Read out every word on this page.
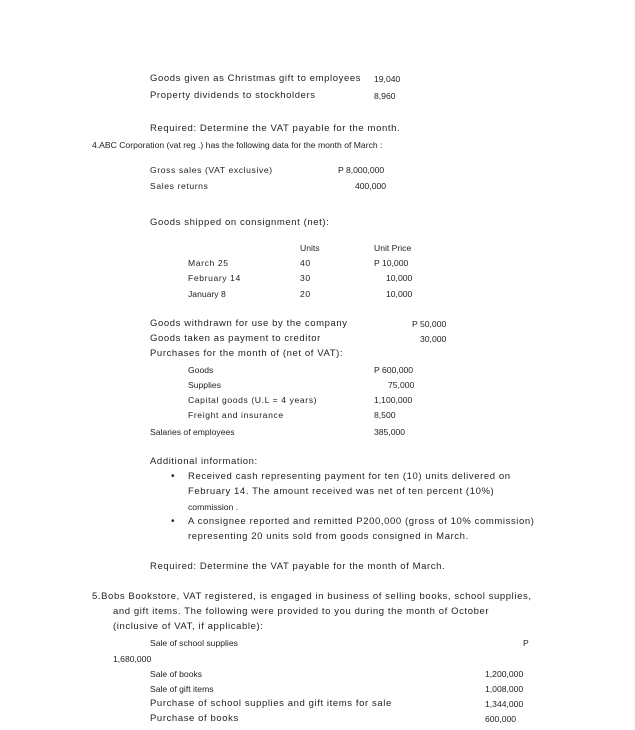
Goods given as Christmas gift to employees 19,040
Property dividends to stockholders	8,960
Required: Determine the VAT payable for the month.
4.ABC Corporation (vat reg .) has the following data for the month of March :
Gross sales (VAT exclusive)	P 8,000,000
Sales returns	400,000
Goods shipped on consignment (net):
Units	Unit Price
March 25	40	P 10,000
February 14	30	10,000
January 8	20	10,000
Goods withdrawn for use by the company	P 50,000
Goods taken as payment to creditor	30,000
Purchases for the month of (net of VAT):
Goods	P 600,000
Supplies	75,000
Capital goods (U.L = 4 years)	1,100,000
Freight and insurance	8,500
Salaries of employees	385,000
Additional information:
• Received cash representing payment for ten (10) units delivered on
February 14. The amount received was net of ten percent (10%)
commission .
• A consignee reported and remitted P200,000 (gross of 10% commission)
representing 20 units sold from goods consigned in March.
Required: Determine the VAT payable for the month of March.
5.Bobs Bookstore, VAT registered, is engaged in business of selling books, school supplies,
and gift items. The following were provided to you during the month of October
(inclusive of VAT, if applicable):
Sale of school supplies	P
1,680,000
Sale of books	1,200,000
Sale of gift items	1,008,000
Purchase of school supplies and gift items for sale	1,344,000
Purchase of books	600,000
